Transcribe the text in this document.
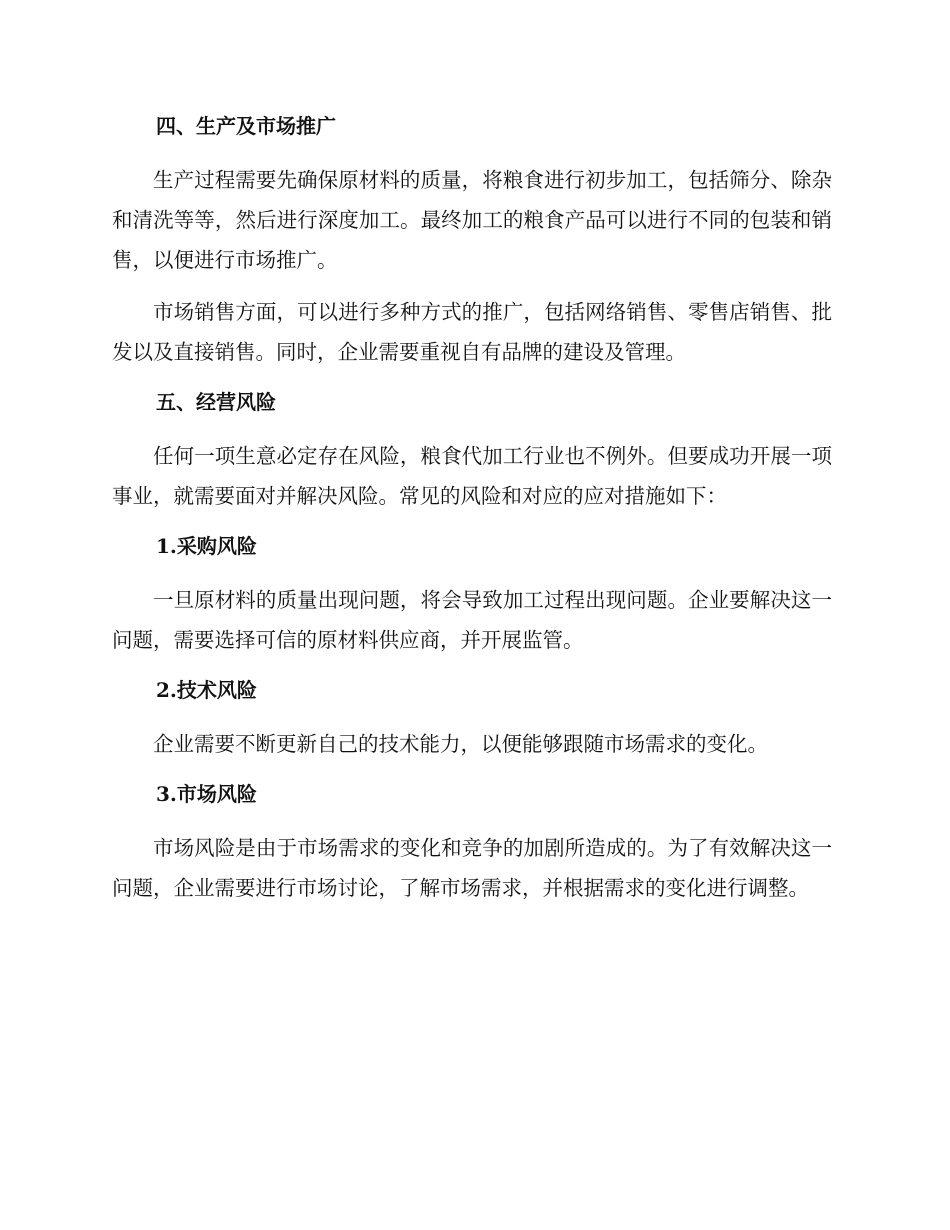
四、生产及市场推广

生产过程需要先确保原材料的质量，将粮食进行初步加工，包括筛分、除杂和清洗等等，然后进行深度加工。最终加工的粮食产品可以进行不同的包装和销售，以便进行市场推广。

市场销售方面，可以进行多种方式的推广，包括网络销售、零售店销售、批发以及直接销售。同时，企业需要重视自有品牌的建设及管理。

五、经营风险

任何一项生意必定存在风险，粮食代加工行业也不例外。但要成功开展一项事业，就需要面对并解决风险。常见的风险和对应的应对措施如下：

1.采购风险

一旦原材料的质量出现问题，将会导致加工过程出现问题。企业要解决这一问题，需要选择可信的原材料供应商，并开展监管。

2.技术风险

企业需要不断更新自己的技术能力，以便能够跟随市场需求的变化。

3.市场风险

市场风险是由于市场需求的变化和竞争的加剧所造成的。为了有效解决这一问题，企业需要进行市场讨论，了解市场需求，并根据需求的变化进行调整。
